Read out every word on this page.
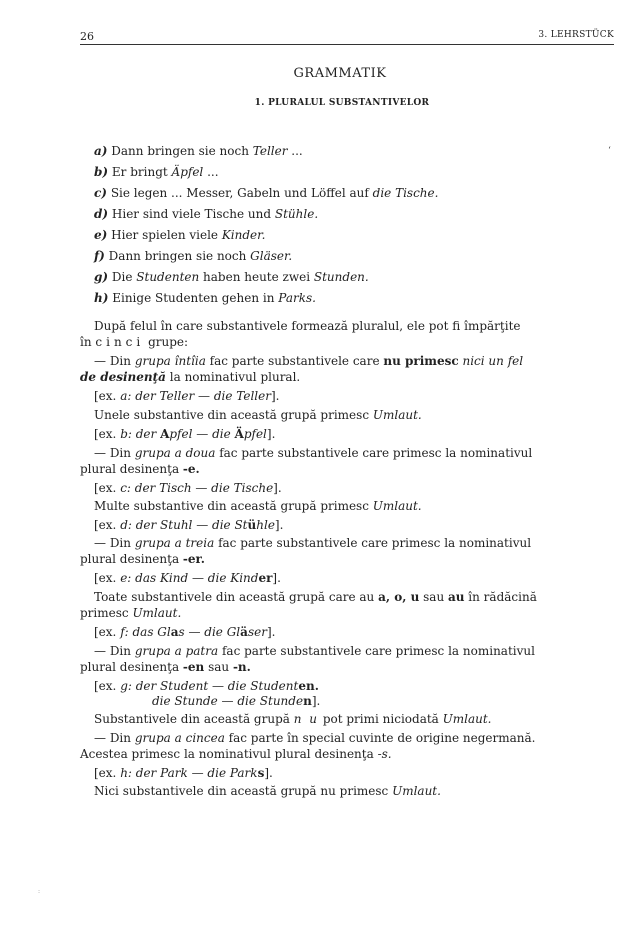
26	3. LEHRSTÜCK
GRAMMATIK
1. PLURALUL SUBSTANTIVELOR
ʻ
a) Dann bringen sie noch Teller ...
b) Er bringt Äpfel ...
c) Sie legen ... Messer, Gabeln und Löffel auf die Tische.
d) Hier sind viele Tische und Stühle.
e) Hier spielen viele Kinder.
f) Dann bringen sie noch Gläser.
g) Die Studenten haben heute zwei Stunden.
h) Einige Studenten gehen in Parks.
După felul în care substantivele formează pluralul, ele pot fi împărţite
în cinci grupe:
— Din grupa întîia fac parte substantivele care nu primesc nici un fel
de desinenţă la nominativul plural.
[ex. a: der Teller — die Teller].
Unele substantive din această grupă primesc Umlaut.
[ex. b: der Apfel — die Äpfel].
— Din grupa a doua fac parte substantivele care primesc la nominativul
plural desinenţa -e.
[ex. c: der Tisch — die Tische].
Multe substantive din această grupă primesc Umlaut.
[ex. d: der Stuhl — die Stühle].
— Din grupa a treia fac parte substantivele care primesc la nominativul
plural desinenţa -er.
[ex. e: das Kind — die Kinder].
Toate substantivele din această grupă care au a, o, u sau au în rădăcină
primesc Umlaut.
[ex. f: das Glas — die Gläser].
— Din grupa a patra fac parte substantivele care primesc la nominativul
plural desinenţa -en sau -n.
[ex. g: der Student — die Studenten.
die Stunde — die Stunden].
Substantivele din această grupă n u pot primi niciodată Umlaut.
— Din grupa a cincea fac parte în special cuvinte de origine negermană.
Acestea primesc la nominativul plural desinenţa -s.
[ex. h: der Park — die Parks].
Nici substantivele din această grupă nu primesc Umlaut.
:
